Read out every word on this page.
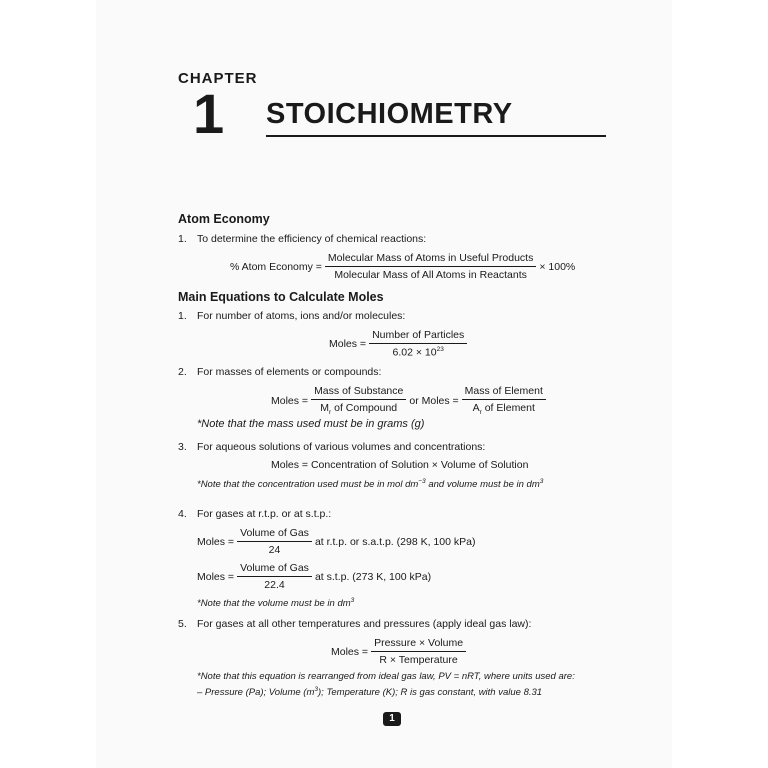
CHAPTER
1 STOICHIOMETRY
Atom Economy
1. To determine the efficiency of chemical reactions:
% Atom Economy = $\frac{\text{Molecular Mass of Atoms in Useful Products}}{\text{Molecular Mass of All Atoms in Reactants}} \times 100\%$
Main Equations to Calculate Moles
1. For number of atoms, ions and/or molecules:
Moles = $\frac{\text{Number of Particles}}{6.02 \times 10^{23}}$
2. For masses of elements or compounds:
Moles = $\frac{\text{Mass of Substance}}{M_r of Compound}$ or Moles = $\frac{\text{Mass of Element}}{A_r of Element}$
*Note that the mass used must be in grams (g)
3. For aqueous solutions of various volumes and concentrations:
Moles = Concentration of Solution × Volume of Solution
*Note that the concentration used must be in mol $dm^{-3}$ and volume must be in $dm^3$
4. For gases at r.t.p. or at s.t.p.:
Moles = $\frac{\text{Volume of Gas}}{24}$ at r.t.p. or s.a.t.p. (298 K, 100 kPa)
Moles = $\frac{\text{Volume of Gas}}{22.4}$ at s.t.p. (273 K, 100 kPa)
*Note that the volume must be in $dm^3$
5. For gases at all other temperatures and pressures (apply ideal gas law):
Moles = $\frac{\text{Pressure × Volume}}{\text{R × Temperature}}$
*Note that this equation is rearranged from ideal gas law, PV = nRT, where units used are:
– Pressure (Pa); Volume $(m^3)$; Temperature (K); R is gas constant, with value 8.31
1
